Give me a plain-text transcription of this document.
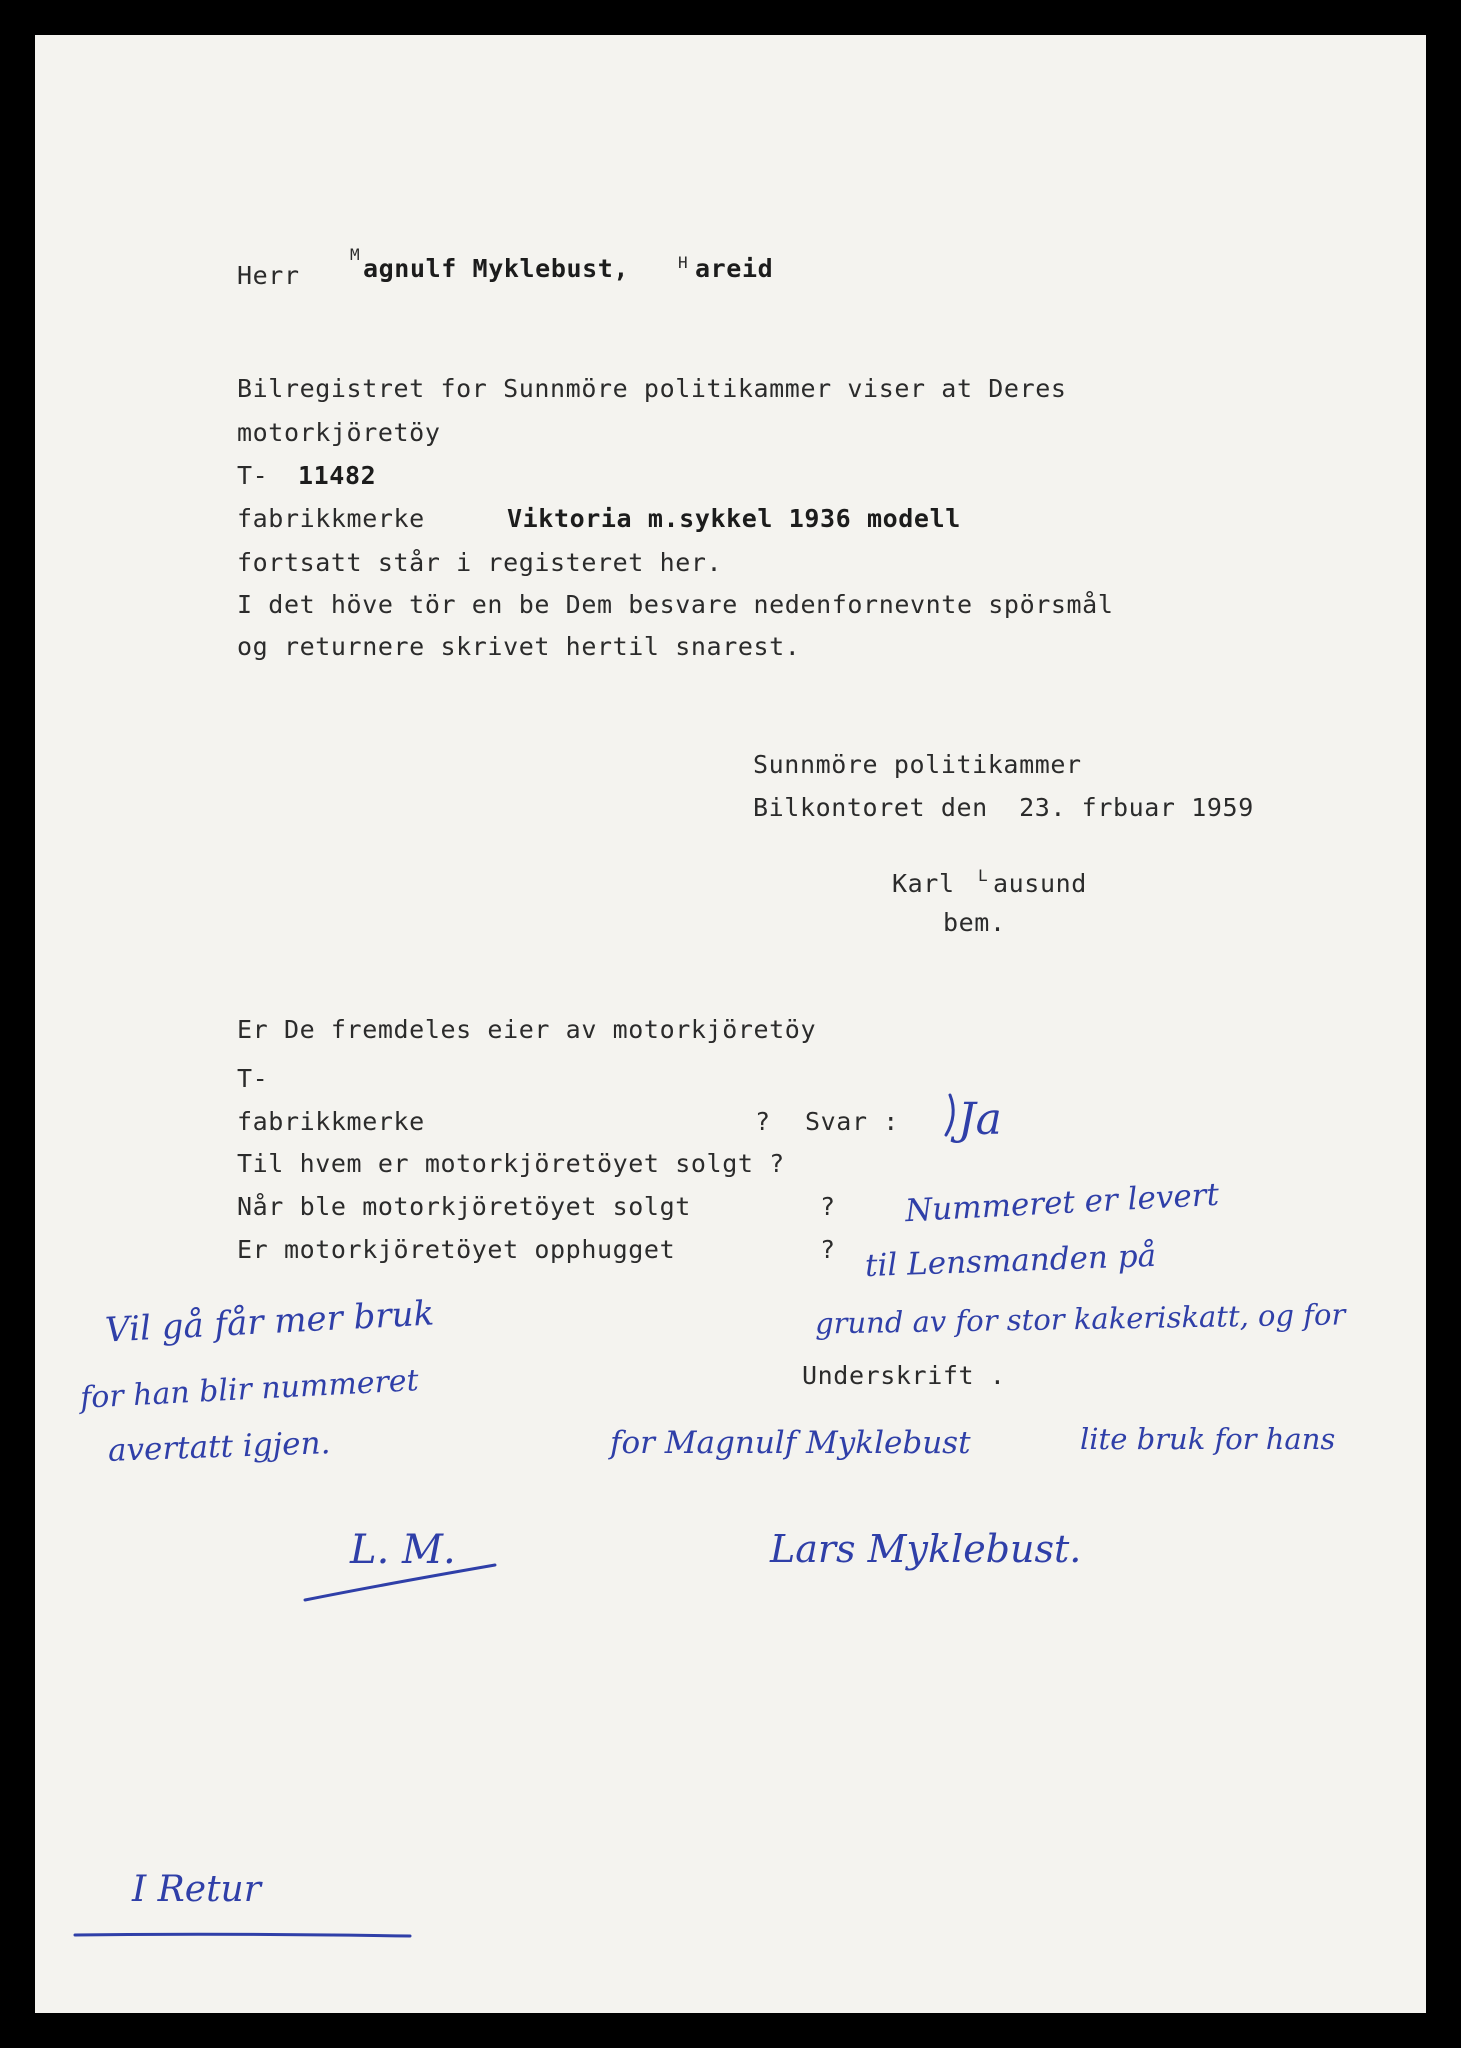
Herr
M agnulf Myklebust,	H areid
Bilregistret for Sunnmöre politikammer viser at Deres
motorkjöretöy
T- 11482
fabrikkmerke	Viktoria m.sykkel 1936 modell
fortsatt står i registeret her.
I det höve tör en be Dem besvare nedenfornevnte spörsmål
og returnere skrivet hertil snarest.
Sunnmöre politikammer
Bilkontoret den  23. frbuar 1959
Karl L ausund
bem.
Er De fremdeles eier av motorkjöretöy
T-
fabrikkmerke	? Svar :
Til hvem er motorkjöretöyet solgt ?
Når ble motorkjöretöyet solgt	?
Er motorkjöretöyet opphugget	?
Underskrift .
Ja
Nummeret er levert
til Lensmanden på
grund av for stor kakeriskatt, og for
lite bruk for hans
for Magnulf Myklebust
Lars Myklebust.
Vil gå får mer bruk
for han blir nummeret
avertatt igjen.
L. M.
I Retur
